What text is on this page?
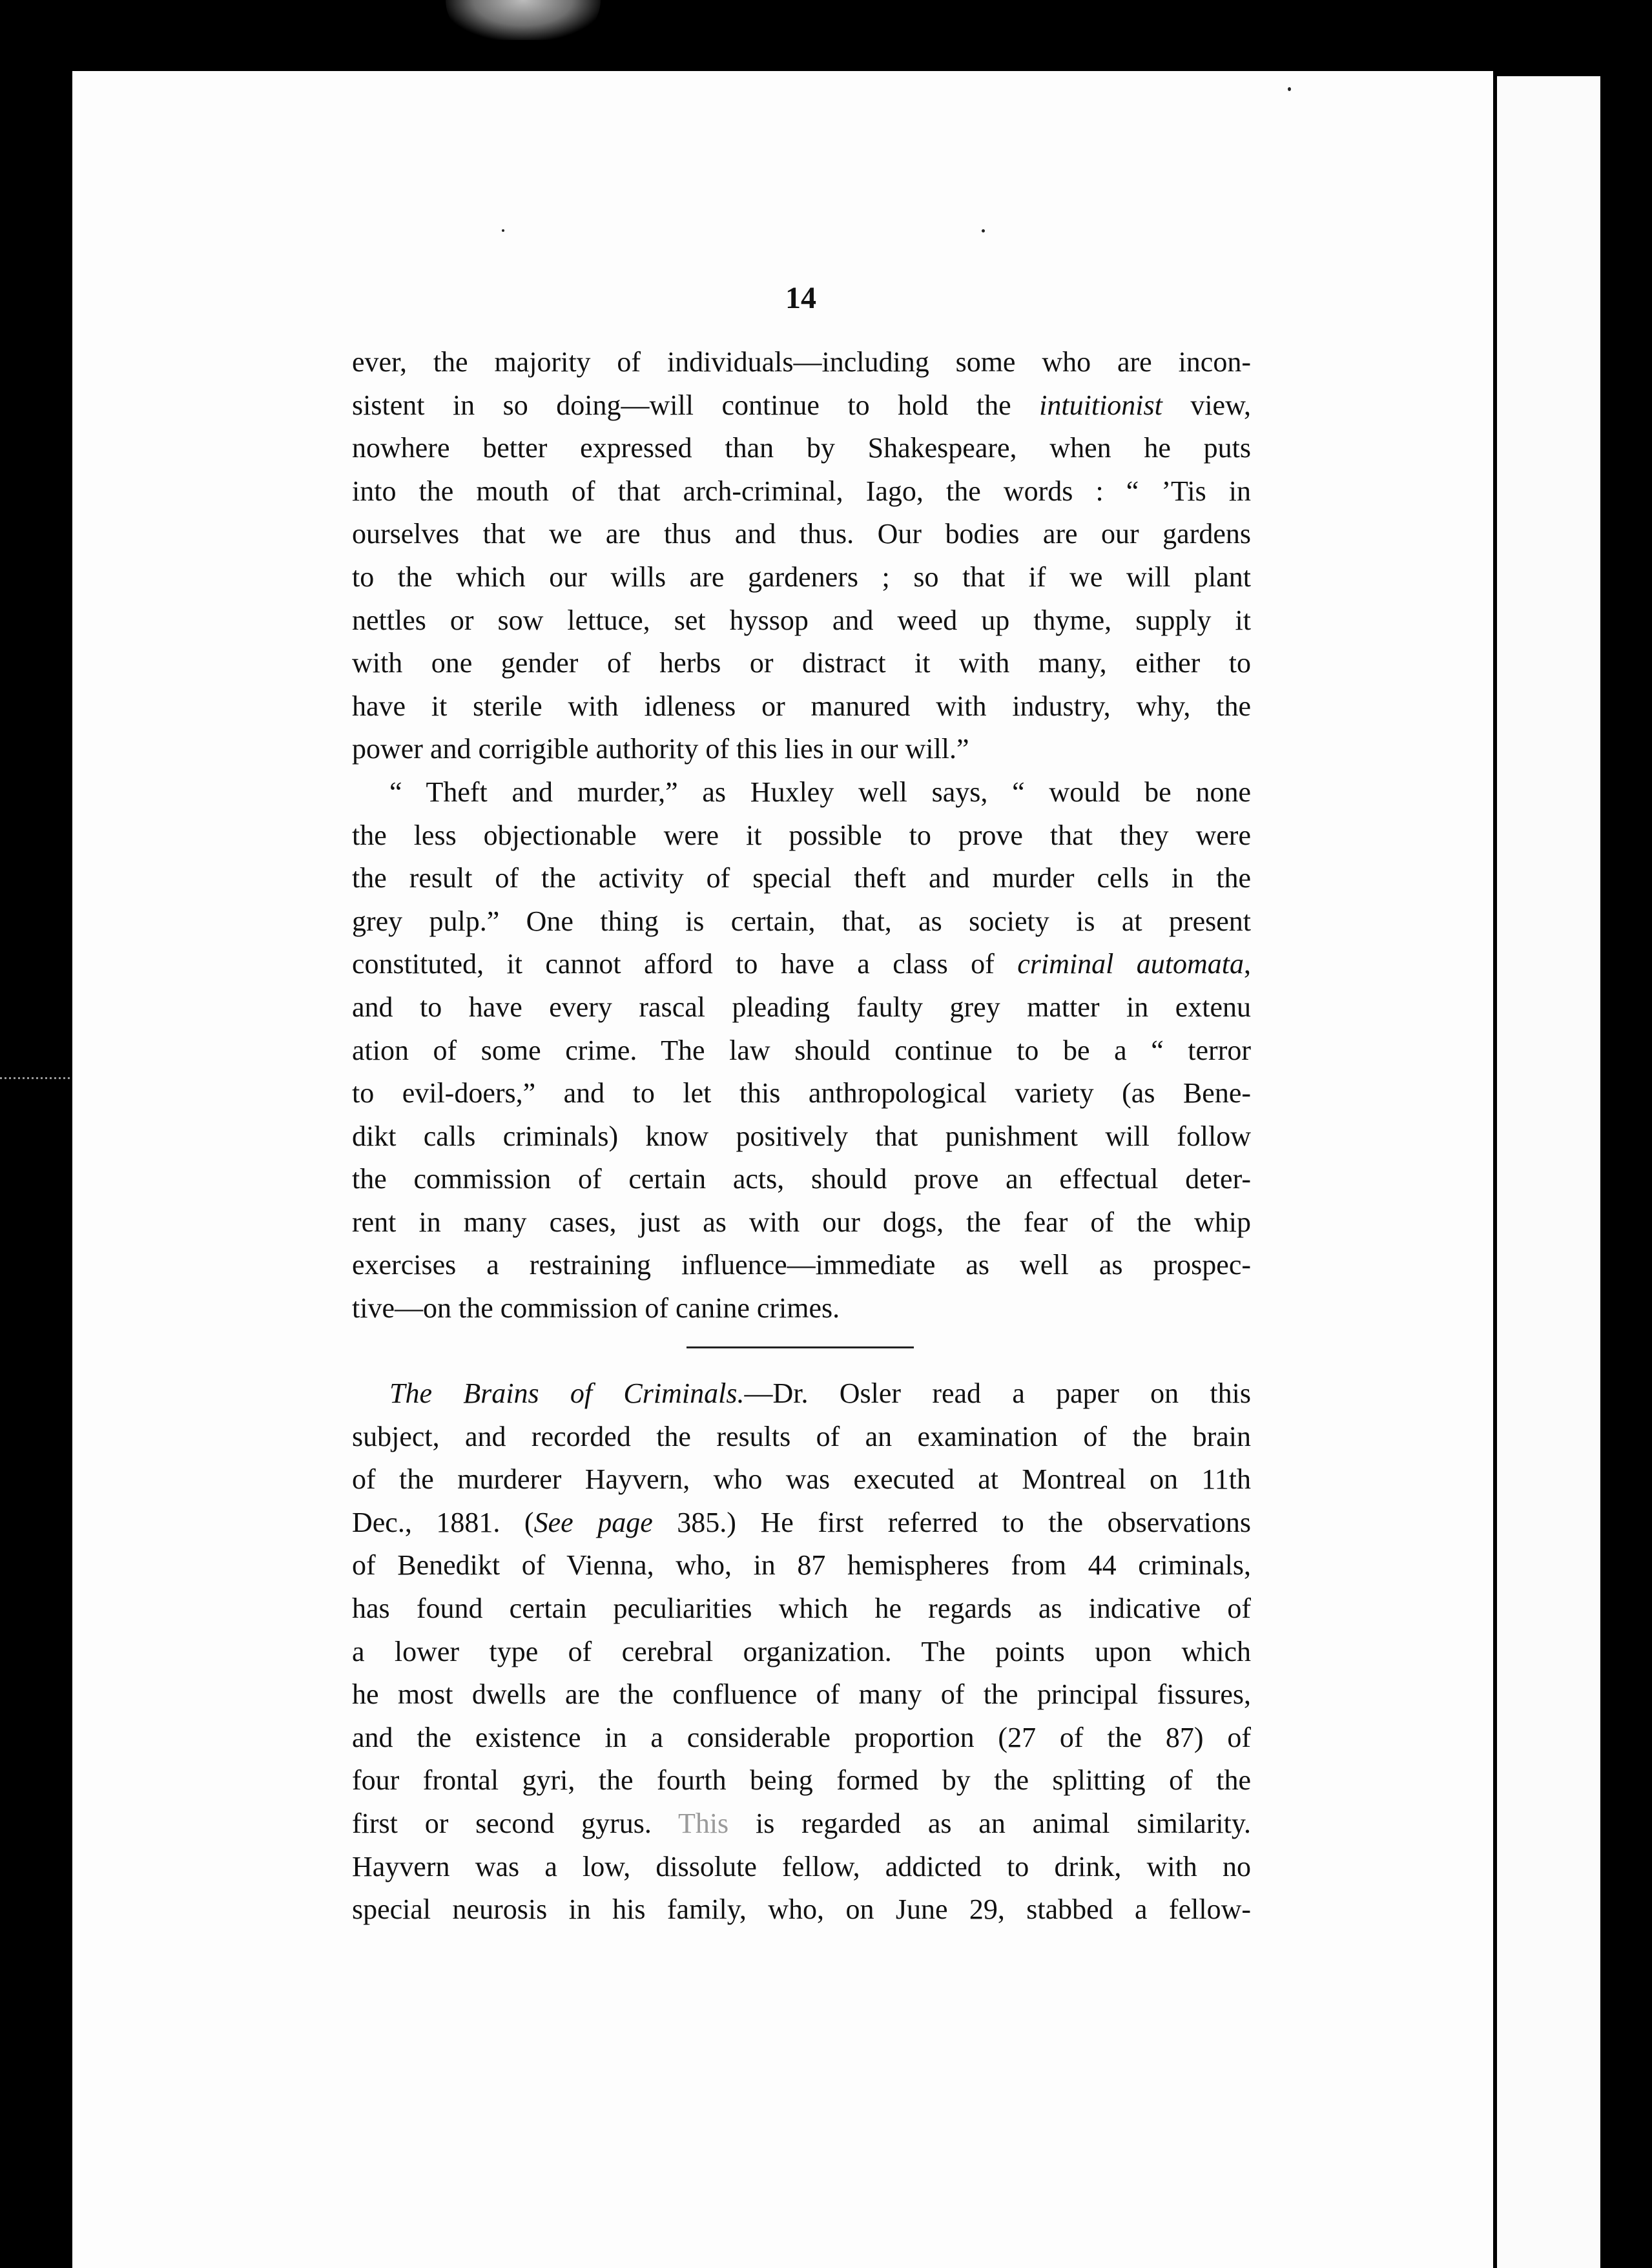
14
ever, the majority of individuals—including some who are incon-
sistent in so doing—will continue to hold the intuitionist view,
nowhere better expressed than by Shakespeare, when he puts
into the mouth of that arch-criminal, Iago, the words : “ ’Tis in
ourselves that we are thus and thus. Our bodies are our gardens
to the which our wills are gardeners ; so that if we will plant
nettles or sow lettuce, set hyssop and weed up thyme, supply it
with one gender of herbs or distract it with many, either to
have it sterile with idleness or manured with industry, why, the
power and corrigible authority of this lies in our will.”
“ Theft and murder,” as Huxley well says, “ would be none
the less objectionable were it possible to prove that they were
the result of the activity of special theft and murder cells in the
grey pulp.” One thing is certain, that, as society is at present
constituted, it cannot afford to have a class of criminal automata,
and to have every rascal pleading faulty grey matter in extenu
ation of some crime. The law should continue to be a “ terror
to evil-doers,” and to let this anthropological variety (as Bene-
dikt calls criminals) know positively that punishment will follow
the commission of certain acts, should prove an effectual deter-
rent in many cases, just as with our dogs, the fear of the whip
exercises a restraining influence—immediate as well as prospec-
tive—on the commission of canine crimes.
The Brains of Criminals.—Dr. Osler read a paper on this
subject, and recorded the results of an examination of the brain
of the murderer Hayvern, who was executed at Montreal on 11th
Dec., 1881. (See page 385.) He first referred to the observations
of Benedikt of Vienna, who, in 87 hemispheres from 44 criminals,
has found certain peculiarities which he regards as indicative of
a lower type of cerebral organization. The points upon which
he most dwells are the confluence of many of the principal fissures,
and the existence in a considerable proportion (27 of the 87) of
four frontal gyri, the fourth being formed by the splitting of the
first or second gyrus. This is regarded as an animal similarity.
Hayvern was a low, dissolute fellow, addicted to drink, with no
special neurosis in his family, who, on June 29, stabbed a fellow-
